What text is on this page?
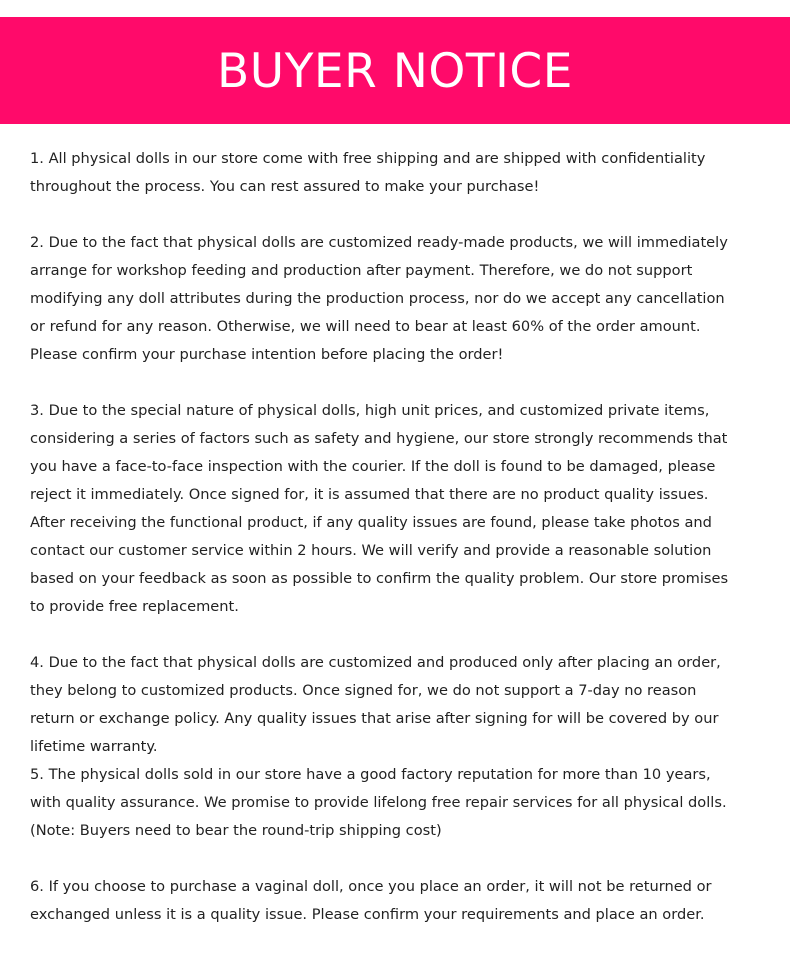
BUYER NOTICE

1. All physical dolls in our store come with free shipping and are shipped with confidentiality
throughout the process. You can rest assured to make your purchase!

2. Due to the fact that physical dolls are customized ready-made products, we will immediately
arrange for workshop feeding and production after payment. Therefore, we do not support
modifying any doll attributes during the production process, nor do we accept any cancellation
or refund for any reason. Otherwise, we will need to bear at least 60% of the order amount.
Please confirm your purchase intention before placing the order!

3. Due to the special nature of physical dolls, high unit prices, and customized private items,
considering a series of factors such as safety and hygiene, our store strongly recommends that
you have a face-to-face inspection with the courier. If the doll is found to be damaged, please
reject it immediately. Once signed for, it is assumed that there are no product quality issues.
After receiving the functional product, if any quality issues are found, please take photos and
contact our customer service within 2 hours. We will verify and provide a reasonable solution
based on your feedback as soon as possible to confirm the quality problem. Our store promises
to provide free replacement.

4. Due to the fact that physical dolls are customized and produced only after placing an order,
they belong to customized products. Once signed for, we do not support a 7-day no reason
return or exchange policy. Any quality issues that arise after signing for will be covered by our
lifetime warranty.

5. The physical dolls sold in our store have a good factory reputation for more than 10 years,
with quality assurance. We promise to provide lifelong free repair services for all physical dolls.
(Note: Buyers need to bear the round-trip shipping cost)

6. If you choose to purchase a vaginal doll, once you place an order, it will not be returned or
exchanged unless it is a quality issue. Please confirm your requirements and place an order.
